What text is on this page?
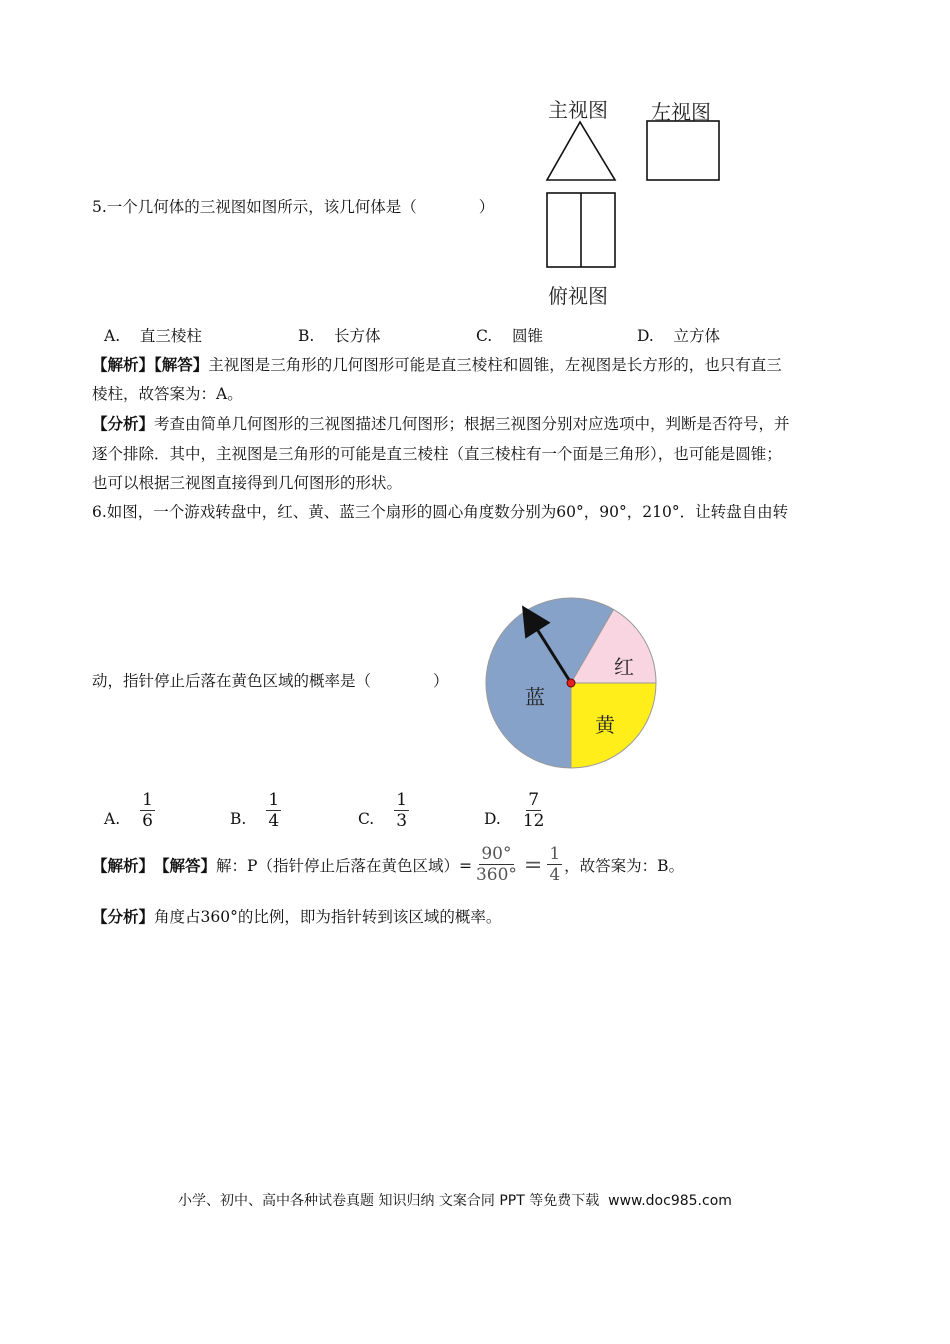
5.一个几何体的三视图如图所示，该几何体是（　　　　）
主视图 左视图
俯视图
A. 直三棱柱	B. 长方体	C. 圆锥	D. 立方体
【解析】【解答】主视图是三角形的几何图形可能是直三棱柱和圆锥，左视图是长方形的，也只有直三
棱柱，故答案为：A。
【分析】考查由简单几何图形的三视图描述几何图形；根据三视图分别对应选项中，判断是否符号，并
逐个排除．其中，主视图是三角形的可能是直三棱柱（直三棱柱有一个面是三角形），也可能是圆锥；
也可以根据三视图直接得到几何图形的形状。
6.如图，一个游戏转盘中，红、黄、蓝三个扇形的圆心角度数分别为60°，90°，210°．让转盘自由转
动，指针停止后落在黄色区域的概率是（　　　　）
红
黄
蓝
A. $\frac{1}{6}$	B. $\frac{1}{4}$	C. $\frac{1}{3}$	D. $\frac{7}{12}$
【解析】 【解答】 解：P（指针停止后落在黄色区域）= $\frac{90^\circ}{360^\circ} = \frac{1}{4}$ ，故答案为：B。
【分析】角度占360°的比例，即为指针转到该区域的概率。
小学、初中、高中各种试卷真题 知识归纳 文案合同 PPT 等免费下载 www.doc985.com
